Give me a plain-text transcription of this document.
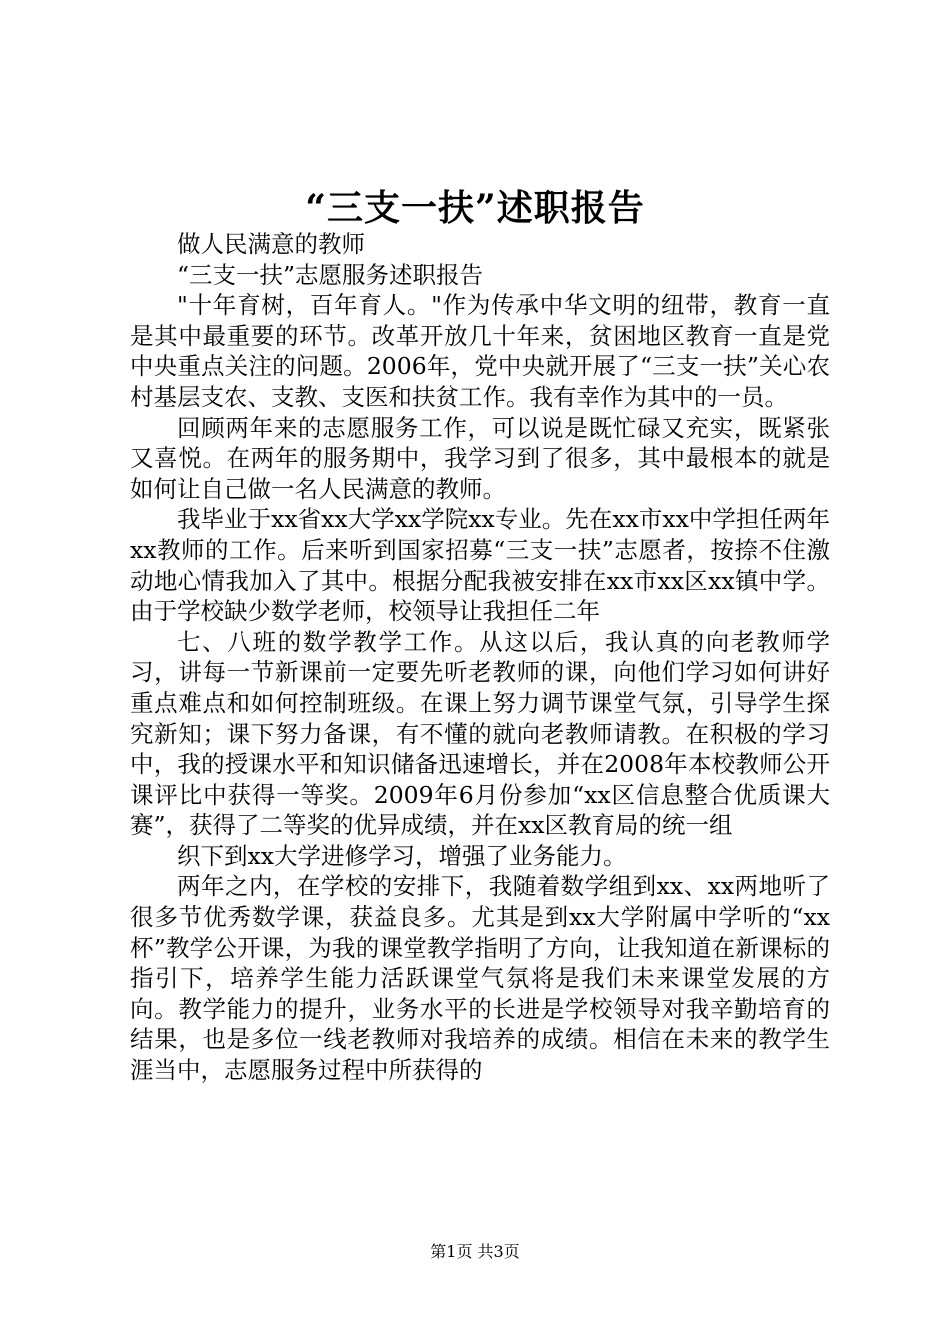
“三支一扶”述职报告

做人民满意的教师

“三支一扶”志愿服务述职报告

"十年育树，百年育人。"作为传承中华文明的纽带，教育一直是其中最重要的环节。改革开放几十年来，贫困地区教育一直是党中央重点关注的问题。2006年，党中央就开展了“三支一扶”关心农村基层支农、支教、支医和扶贫工作。我有幸作为其中的一员。

回顾两年来的志愿服务工作，可以说是既忙碌又充实，既紧张又喜悦。在两年的服务期中，我学习到了很多，其中最根本的就是如何让自己做一名人民满意的教师。

我毕业于xx省xx大学xx学院xx专业。先在xx市xx中学担任两年xx教师的工作。后来听到国家招募“三支一扶”志愿者，按捺不住激动地心情我加入了其中。根据分配我被安排在xx市xx区xx镇中学。由于学校缺少数学老师，校领导让我担任二年

七、八班的数学教学工作。从这以后，我认真的向老教师学习，讲每一节新课前一定要先听老教师的课，向他们学习如何讲好重点难点和如何控制班级。在课上努力调节课堂气氛，引导学生探究新知；课下努力备课，有不懂的就向老教师请教。在积极的学习中，我的授课水平和知识储备迅速增长，并在2008年本校教师公开课评比中获得一等奖。2009年6月份参加“xx区信息整合优质课大赛”，获得了二等奖的优异成绩，并在xx区教育局的统一组

织下到xx大学进修学习，增强了业务能力。

两年之内，在学校的安排下，我随着数学组到xx、xx两地听了很多节优秀数学课，获益良多。尤其是到xx大学附属中学听的“xx杯”教学公开课，为我的课堂教学指明了方向，让我知道在新课标的指引下，培养学生能力活跃课堂气氛将是我们未来课堂发展的方向。教学能力的提升，业务水平的长进是学校领导对我辛勤培育的结果，也是多位一线老教师对我培养的成绩。相信在未来的教学生涯当中，志愿服务过程中所获得的

第1页 共3页
